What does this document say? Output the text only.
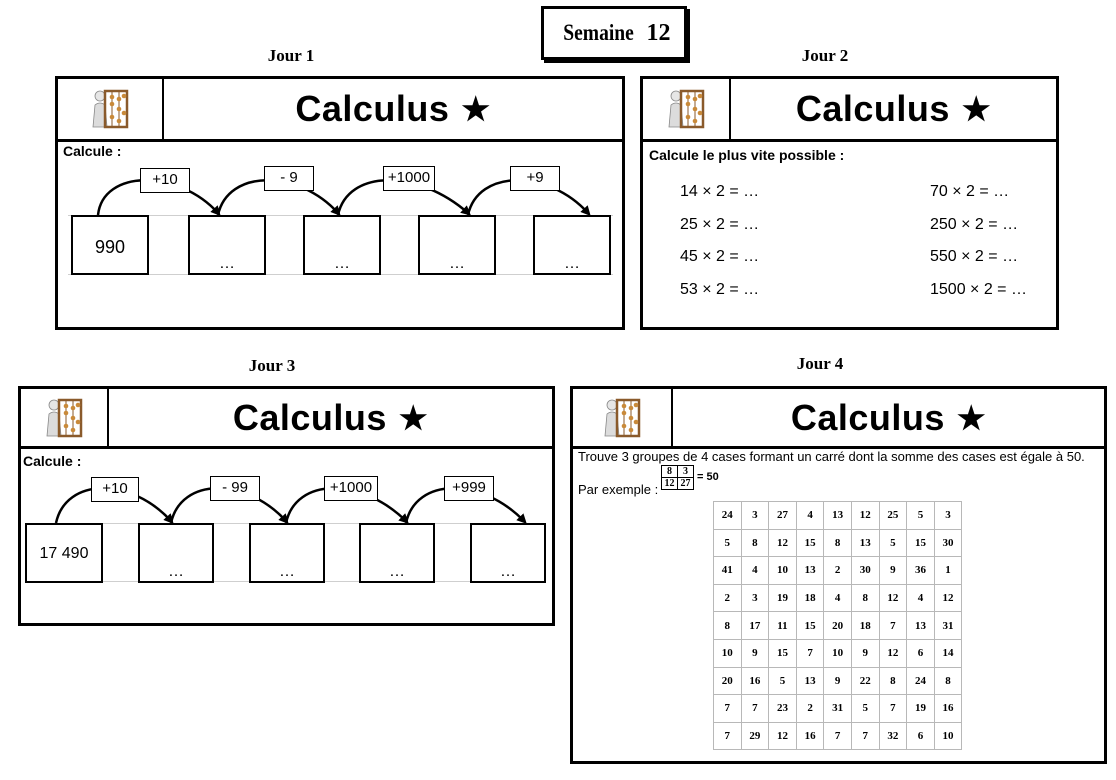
Semaine 12
Jour 1
Calculus ★
Calcule :
+10	- 9	+1000	+9
990
…	…	…	…
Jour 2
Calculus ★
Calcule le plus vite possible :
14 × 2 = …
25 × 2 = …
45 × 2 = …
53 × 2 = …
70 × 2 = …
250 × 2 = …
550 × 2 = …
1500 × 2 = …
Jour 3
Calculus ★
Calcule :
+10	- 99	+1000	+999
17 490
…	…	…	…
Jour 4
Calculus ★
Trouve 3 groupes de 4 cases formant un carré dont la somme des cases est égale à 50.
Par exemple :
8	3
12	27
= 50
24	3	27	4	13	12	25	5	3
5	8	12	15	8	13	5	15	30
41	4	10	13	2	30	9	36	1
2	3	19	18	4	8	12	4	12
8	17	11	15	20	18	7	13	31
10	9	15	7	10	9	12	6	14
20	16	5	13	9	22	8	24	8
7	7	23	2	31	5	7	19	16
7	29	12	16	7	7	32	6	10
